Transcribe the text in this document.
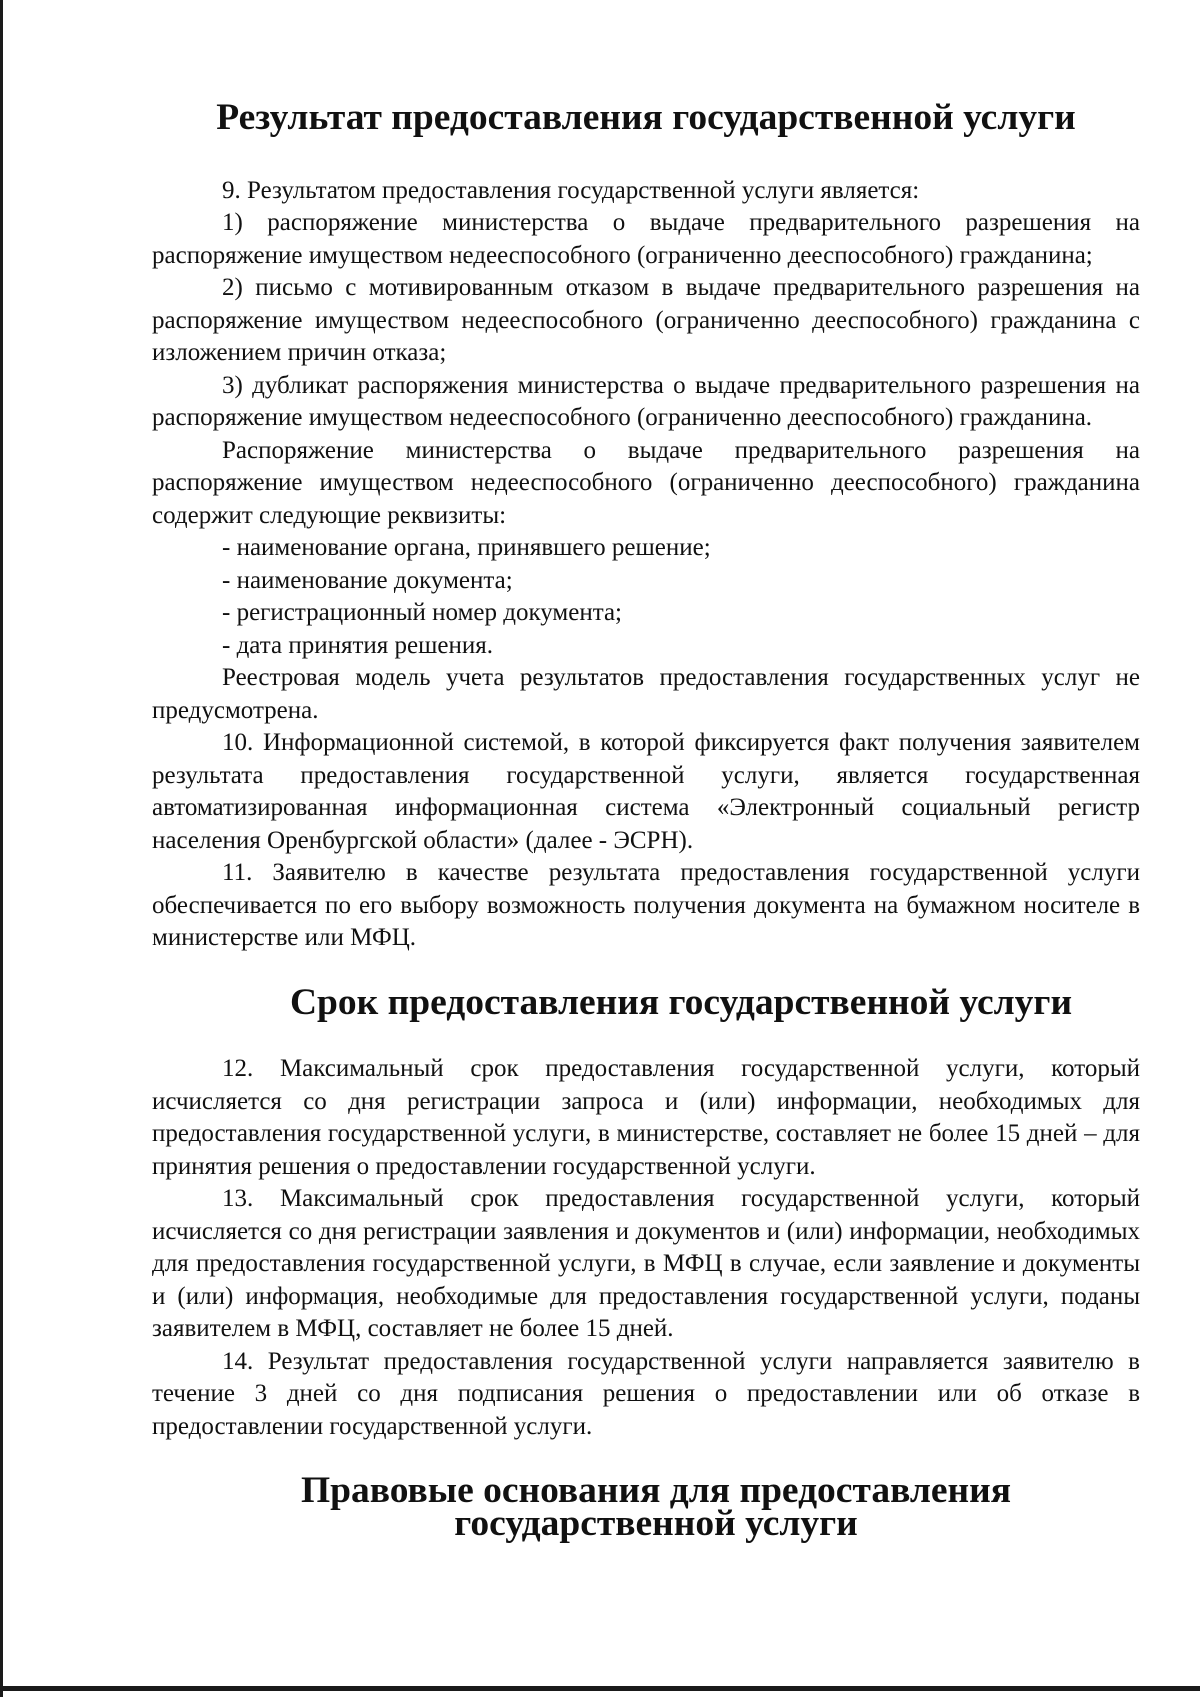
Результат предоставления государственной услуги

9. Результатом предоставления государственной услуги является:

1) распоряжение министерства о выдаче предварительного разрешения на распоряжение имуществом недееспособного (ограниченно дееспособного) гражданина;

2) письмо с мотивированным отказом в выдаче предварительного разрешения на распоряжение имуществом недееспособного (ограниченно дееспособного) гражданина с изложением причин отказа;

3) дубликат распоряжения министерства о выдаче предварительного разрешения на распоряжение имуществом недееспособного (ограниченно дееспособного) гражданина.

Распоряжение министерства о выдаче предварительного разрешения на распоряжение имуществом недееспособного (ограниченно дееспособного) гражданина содержит следующие реквизиты:

- наименование органа, принявшего решение;

- наименование документа;

- регистрационный номер документа;

- дата принятия решения.

Реестровая модель учета результатов предоставления государственных услуг не предусмотрена.

10. Информационной системой, в которой фиксируется факт получения заявителем результата предоставления государственной услуги, является государственная автоматизированная информационная система «Электронный социальный регистр населения Оренбургской области» (далее - ЭСРН).

11. Заявителю в качестве результата предоставления государственной услуги обеспечивается по его выбору возможность получения документа на бумажном носителе в министерстве или МФЦ.

Срок предоставления государственной услуги

12. Максимальный срок предоставления государственной услуги, который исчисляется со дня регистрации запроса и (или) информации, необходимых для предоставления государственной услуги, в министерстве, составляет не более 15 дней – для принятия решения о предоставлении государственной услуги.

13. Максимальный срок предоставления государственной услуги, который исчисляется со дня регистрации заявления и документов и (или) информации, необходимых для предоставления государственной услуги, в МФЦ в случае, если заявление и документы и (или) информация, необходимые для предоставления государственной услуги, поданы заявителем в МФЦ, составляет не более 15 дней.

14. Результат предоставления государственной услуги направляется заявителю в течение 3 дней со дня подписания решения о предоставлении или об отказе в предоставлении государственной услуги.

Правовые основания для предоставления государственной услуги
